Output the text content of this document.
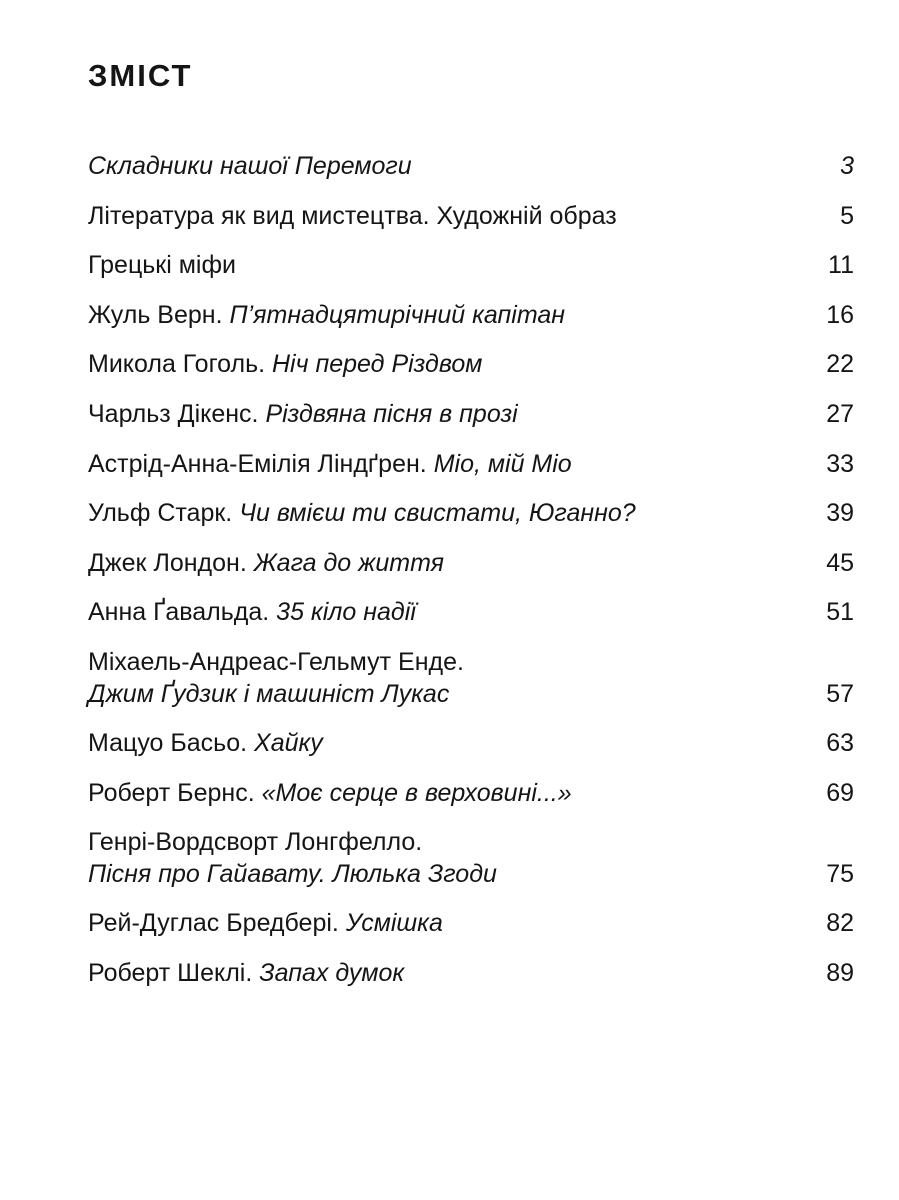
ЗМІСТ
Складники нашої Перемоги	3
Література як вид мистецтва. Художній образ	5
Грецькі міфи	11
Жуль Верн. П’ятнадцятирічний капітан	16
Микола Гоголь. Ніч перед Різдвом	22
Чарльз Дікенс. Різдвяна пісня в прозі	27
Астрід-Анна-Емілія Ліндґрен. Міо, мій Міо	33
Ульф Старк. Чи вмієш ти свистати, Юганно?	39
Джек Лондон. Жага до життя	45
Анна Ґавальда. 35 кіло надії	51
Міхаель-Андреас-Гельмут Енде.
Джим Ґудзик і машиніст Лукас	57
Мацуо Басьо. Хайку	63
Роберт Бернс. «Моє серце в верховині...»	69
Генрі-Вордсворт Лонгфелло.
Пісня про Гайавату. Люлька Згоди	75
Рей-Дуглас Бредбері. Усмішка	82
Роберт Шеклі. Запах думок	89
